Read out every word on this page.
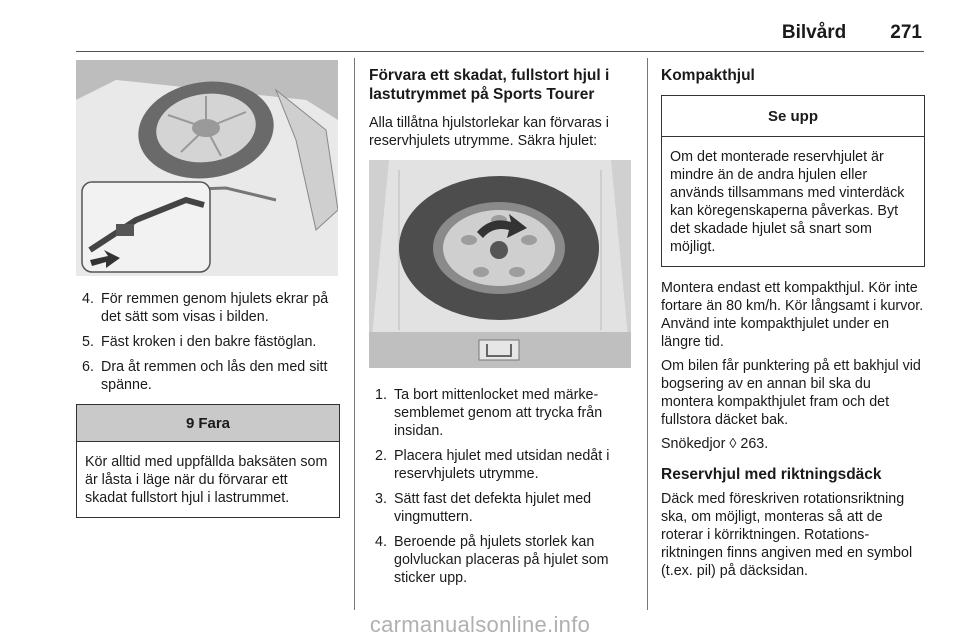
Bilvård 271
4. För remmen genom hjulets ekrar på det sätt som visas i bilden.
5. Fäst kroken i den bakre fästöglan.
6. Dra åt remmen och lås den med sitt spänne.
9 Fara
Kör alltid med uppfällda baksäten som är låsta i läge när du förvarar ett skadat fullstort hjul i lastrummet.
Förvara ett skadat, fullstort hjul i lastutrymmet på Sports Tourer

Alla tillåtna hjulstorlekar kan förvaras i reservhjulets utrymme. Säkra hjulet:

1. Ta bort mittenlocket med märkesemblemet genom att trycka från insidan.
2. Placera hjulet med utsidan nedåt i reservhjulets utrymme.
3. Sätt fast det defekta hjulet med vingmuttern.
4. Beroende på hjulets storlek kan golvluckan placeras på hjulet som sticker upp.
Kompakthjul
Se upp
Om det monterade reservhjulet är mindre än de andra hjulen eller används tillsammans med vinterdäck kan köregenskaperna påverkas. Byt det skadade hjulet så snart som möjligt.

Montera endast ett kompakthjul. Kör inte fortare än 80 km/h. Kör långsamt i kurvor. Använd inte kompakthjulet under en längre tid.

Om bilen får punktering på ett bakhjul vid bogsering av en annan bil ska du montera kompakthjulet fram och det fullstora däcket bak.

Snökedjor ◊ 263.

Reservhjul med riktningsdäck

Däck med föreskriven rotationsriktning ska, om möjligt, monteras så att de roterar i körriktningen. Rotationsriktningen finns angiven med en symbol (t.ex. pil) på däcksidan.

carmanualsonline.info
